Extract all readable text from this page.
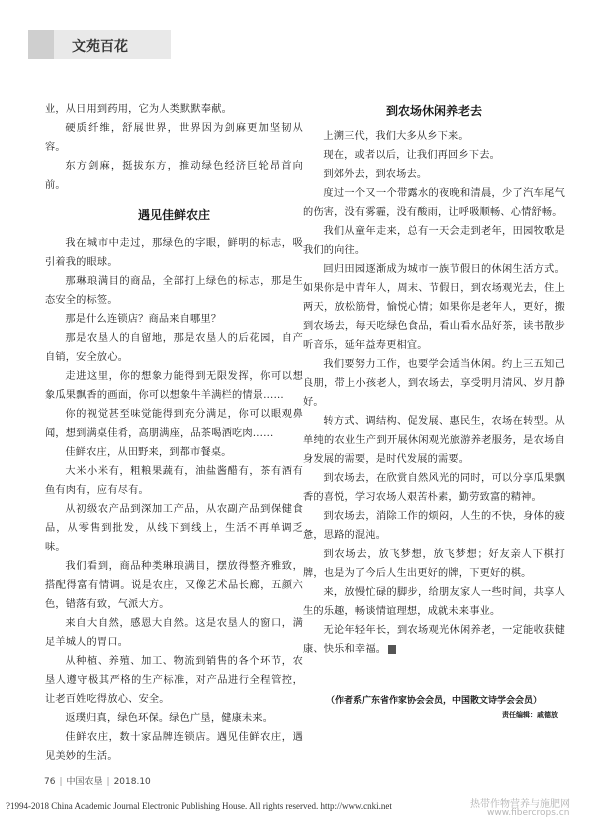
文苑百花

业，从日用到药用，它为人类默默奉献。

硬质纤维，舒展世界，世界因为剑麻更加坚韧从容。

东方剑麻，挺拔东方，推动绿色经济巨轮昂首向前。

遇见佳鲜农庄

我在城市中走过，那绿色的字眼，鲜明的标志，吸引着我的眼球。

那琳琅满目的商品，全部打上绿色的标志，那是生态安全的标签。

那是什么连锁店？商品来自哪里？

那是农垦人的自留地，那是农垦人的后花园，自产自销，安全放心。

走进这里，你的想象力能得到无限发挥，你可以想象瓜果飘香的画面，你可以想象牛羊满栏的情景……

你的视觉甚至味觉能得到充分满足，你可以眼观鼻闻，想到满桌佳肴，高朋满座，品茶喝酒吃肉……

佳鲜农庄，从田野来，到都市餐桌。

大米小米有，粗粮果蔬有，油盐酱醋有，茶有酒有鱼有肉有，应有尽有。

从初级农产品到深加工产品，从农副产品到保健食品，从零售到批发，从线下到线上，生活不再单调乏味。

我们看到，商品种类琳琅满目，摆放得整齐雅致，搭配得富有情调。说是农庄，又像艺术品长廊，五颜六色，错落有致，气派大方。

来自大自然，感恩大自然。这是农垦人的窗口，满足羊城人的胃口。

从种植、养殖、加工、物流到销售的各个环节，农垦人遵守极其严格的生产标准，对产品进行全程管控，让老百姓吃得放心、安全。

返璞归真，绿色环保。绿色广垦，健康未来。

佳鲜农庄，数十家品牌连锁店。遇见佳鲜农庄，遇见美妙的生活。

到农场休闲养老去

上溯三代，我们大多从乡下来。

现在，或者以后，让我们再回乡下去。

到郊外去，到农场去。

度过一个又一个带露水的夜晚和清晨，少了汽车尾气的伤害，没有雾霾，没有酸雨，让呼吸顺畅、心情舒畅。

我们从童年走来，总有一天会走到老年，田园牧歌是我们的向往。

回归田园逐渐成为城市一族节假日的休闲生活方式。如果你是中青年人，周末、节假日，到农场观光去，住上两天，放松筋骨，愉悦心情；如果你是老年人，更好，搬到农场去，每天吃绿色食品，看山看水品好茶，读书散步听音乐，延年益寿更相宜。

我们要努力工作，也要学会适当休闲。约上三五知己良朋，带上小孩老人，到农场去，享受明月清风、岁月静好。

转方式、调结构、促发展、惠民生，农场在转型。从单纯的农业生产到开展休闲观光旅游养老服务，是农场自身发展的需要，是时代发展的需要。

到农场去，在欣赏自然风光的同时，可以分享瓜果飘香的喜悦，学习农场人艰苦朴素，勤劳致富的精神。

到农场去，消除工作的烦闷，人生的不快，身体的疲惫，思路的混沌。

到农场去，放飞梦想，放飞梦想；好友亲人下棋打牌，也是为了今后人生出更好的牌，下更好的棋。

来，放慢忙碌的脚步，给朋友家人一些时间，共享人生的乐趣，畅谈情谊理想，成就未来事业。

无论年轻年长，到农场观光休闲养老，一定能收获健康、快乐和幸福。

（作者系广东省作家协会会员，中国散文诗学会会员）
责任编辑：戚德放
76 | 中国农垦 | 2018.10
?1994-2018 China Academic Journal Electronic Publishing House. All rights reserved. http://www.cnki.net	热带作物营养与施肥网
www.fibercrops.cn
